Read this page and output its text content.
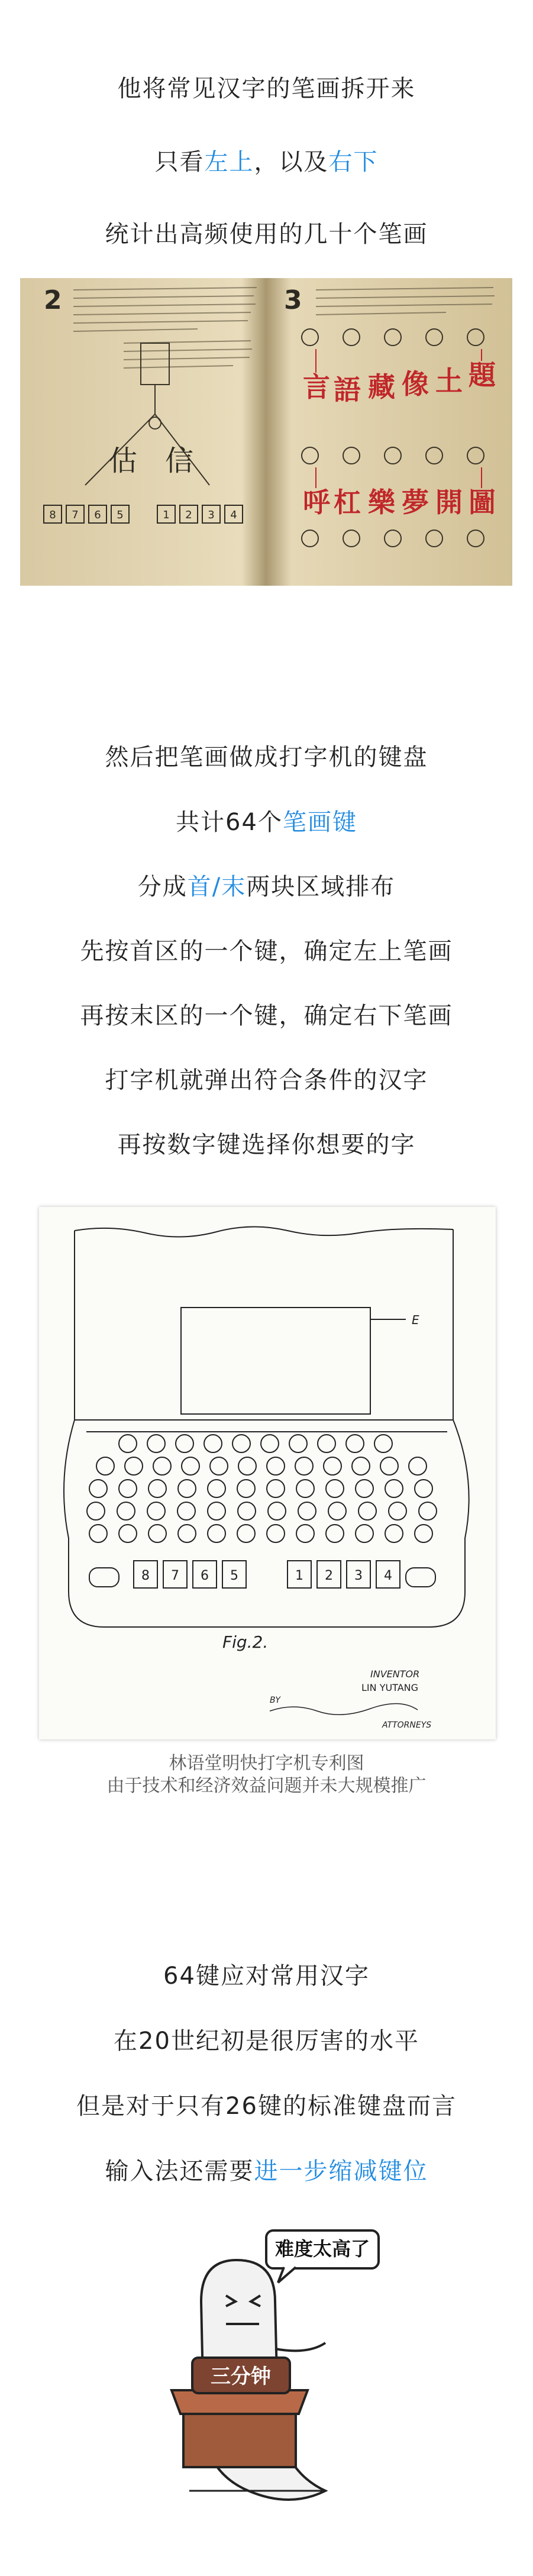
他将常见汉字的笔画拆开来
只看左上，以及右下
统计出高频使用的几十个笔画
2
估 信
8 7 6 5	1 2 3 4
3
言 語 藏 像 土 題
呼 杠 樂 夢 開 圖
然后把笔画做成打字机的键盘
共计64个笔画键
分成首/末两块区域排布
先按首区的一个键，确定左上笔画
再按末区的一个键，确定右下笔画
打字机就弹出符合条件的汉字
再按数字键选择你想要的字
E
8 7 6 5	1 2 3 4
Fig.2.
INVENTOR
LIN YUTANG
BY
ATTORNEYS
林语堂明快打字机专利图
由于技术和经济效益问题并未大规模推广
64键应对常用汉字
在20世纪初是很厉害的水平
但是对于只有26键的标准键盘而言
输入法还需要进一步缩减键位
难度太高了
三分钟
